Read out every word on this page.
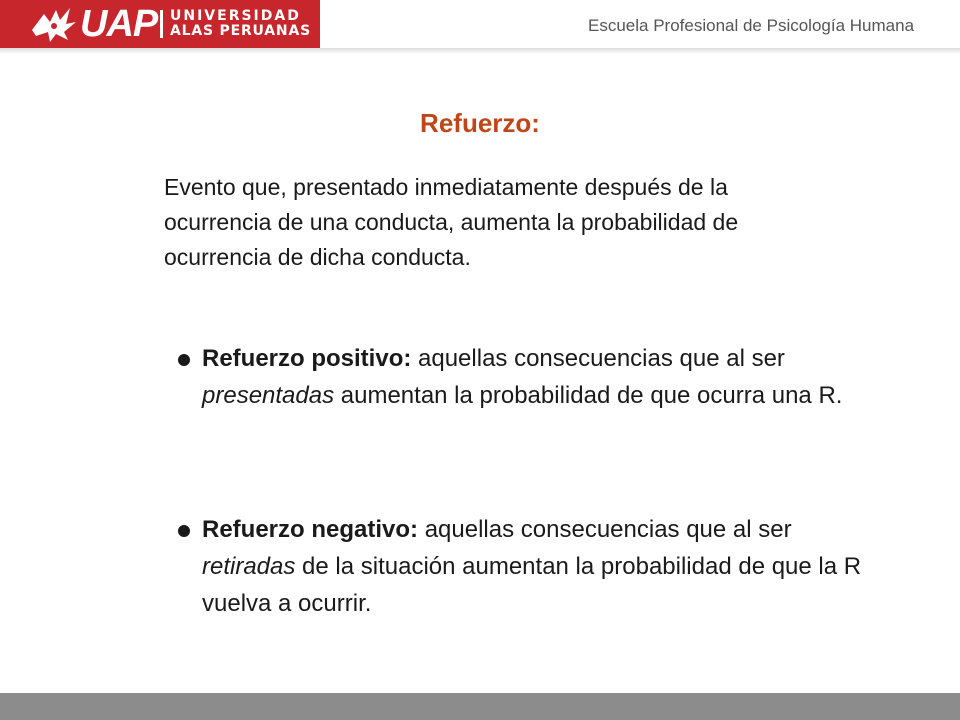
UAP UNIVERSIDAD
ALAS PERUANAS	Escuela Profesional de Psicología Humana
Refuerzo:
Evento que, presentado inmediatamente después de la ocurrencia de una conducta, aumenta la probabilidad de ocurrencia de dicha conducta.
Refuerzo positivo: aquellas consecuencias que al ser presentadas aumentan la probabilidad de que ocurra una R.
Refuerzo negativo: aquellas consecuencias que al ser retiradas de la situación aumentan la probabilidad de que la R vuelva a ocurrir.
